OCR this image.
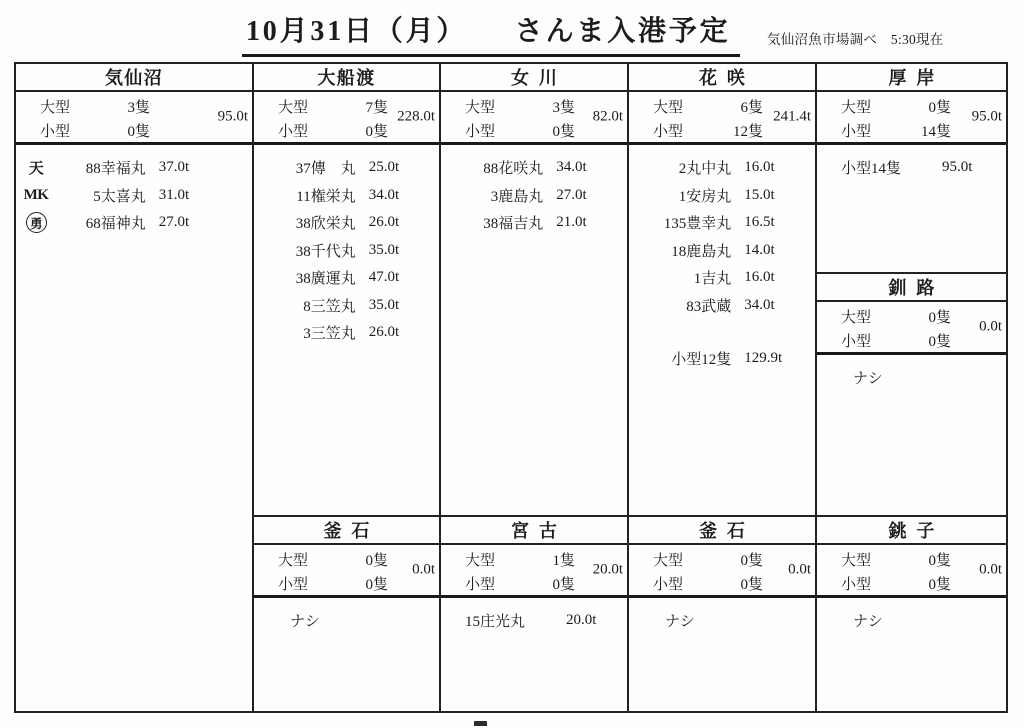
10月31日（月）　　さんま入港予定	気仙沼魚市場調べ　5:30現在
気仙沼
大型	3隻
小型	0隻
95.0t
天	88幸福丸 37.0t
MK	5太喜丸 31.0t
勇	68福神丸 27.0t
大船渡
大型	7隻
小型	0隻
228.0t
37傳　丸 25.0t
11権栄丸 34.0t
38欣栄丸 26.0t
38千代丸 35.0t
38廣運丸 47.0t
8三笠丸 35.0t
3三笠丸 26.0t
釜石
大型	0隻
小型	0隻
0.0t
ナシ
女川
大型	3隻
小型	0隻
82.0t
88花咲丸 34.0t
3鹿島丸 27.0t
38福吉丸 21.0t
宮古
大型	1隻
小型	0隻
20.0t
15庄光丸	20.0t
花咲
大型	6隻
小型	12隻
241.4t
2丸中丸 16.0t
1安房丸 15.0t
135豊幸丸 16.5t
18鹿島丸 14.0t
1吉丸 16.0t
83武蔵 34.0t
小型12隻 129.9t
釜石
大型	0隻
小型	0隻
0.0t
ナシ
厚岸
大型	0隻
小型	14隻
95.0t
小型14隻	95.0t
釧路
大型	0隻
小型	0隻
0.0t
ナシ
銚子
大型	0隻
小型	0隻
0.0t
ナシ
